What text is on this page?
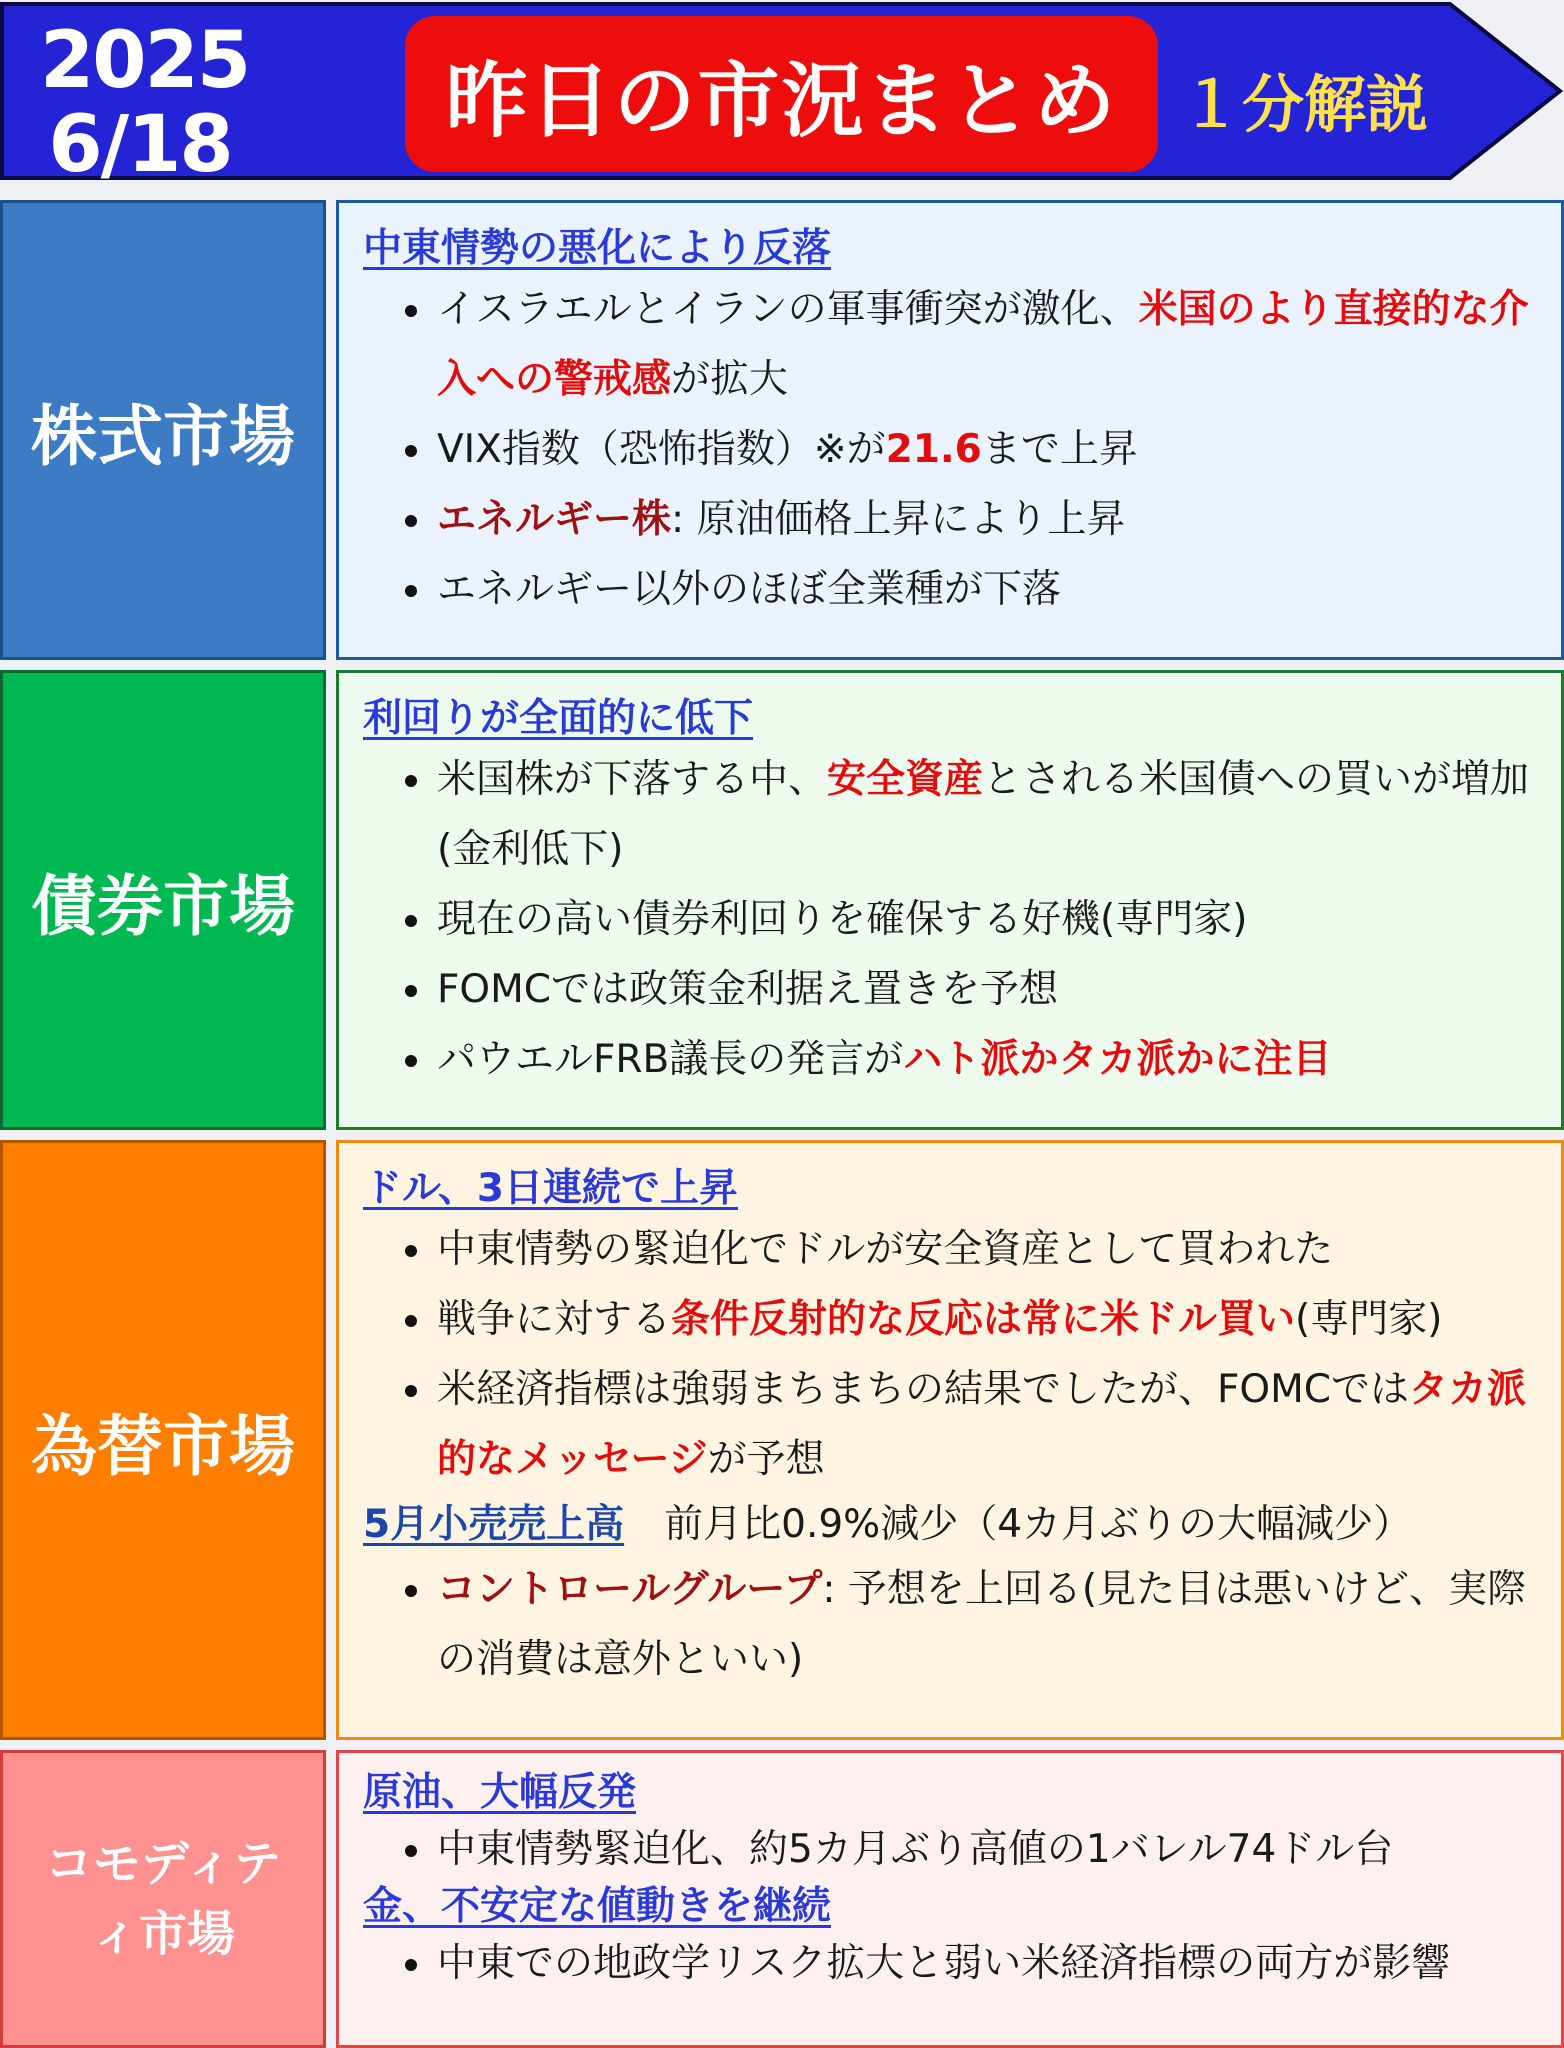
2025
6/18	昨日の市況まとめ	１分解説
株式市場
中東情勢の悪化により反落
イスラエルとイランの軍事衝突が激化、米国のより直接的な介入への警戒感が拡大
VIX指数（恐怖指数）※が21.6まで上昇
エネルギー株: 原油価格上昇により上昇
エネルギー以外のほぼ全業種が下落
債券市場
利回りが全面的に低下
米国株が下落する中、安全資産とされる米国債への買いが増加(金利低下)
現在の高い債券利回りを確保する好機(専門家)
FOMCでは政策金利据え置きを予想
パウエルFRB議長の発言がハト派かタカ派かに注目
為替市場
ドル、3日連続で上昇
中東情勢の緊迫化でドルが安全資産として買われた
戦争に対する条件反射的な反応は常に米ドル買い(専門家)
米経済指標は強弱まちまちの結果でしたが、FOMCではタカ派的なメッセージが予想
5月小売売上高 前月比0.9%減少（4カ月ぶりの大幅減少）
コントロールグループ: 予想を上回る(見た目は悪いけど、実際の消費は意外といい)
コモディテ
ィ市場
原油、大幅反発
中東情勢緊迫化、約5カ月ぶり高値の1バレル74ドル台
金、不安定な値動きを継続
中東での地政学リスク拡大と弱い米経済指標の両方が影響
